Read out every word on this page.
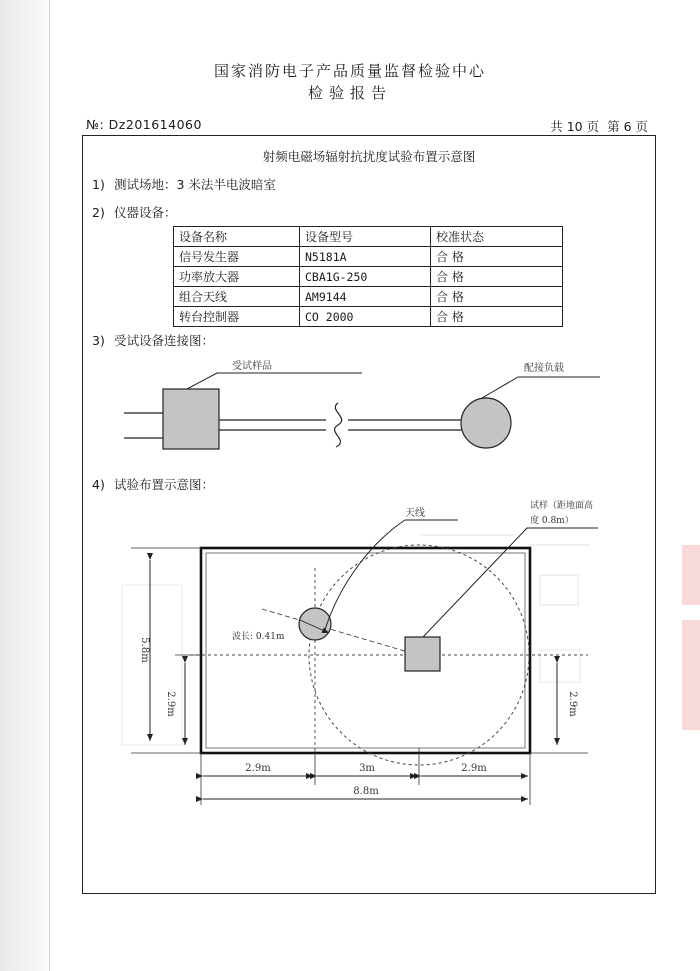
国家消防电子产品质量监督检验中心
检验报告
№: Dz201614060	共 10 页 第 6 页
射频电磁场辐射抗扰度试验布置示意图
1) 测试场地：3 米法半电波暗室
2) 仪器设备：
3) 受试设备连接图：
4) 试验布置示意图：
设备名称	设备型号	校准状态
信号发生器	N5181A	合 格
功率放大器	CBA1G-250	合 格
组合天线	AM9144	合 格
转台控制器	CO 2000	合 格
受试样品	配接负载
天线
波长: 0.41m
试样（距地面高
度 0.8m）
5.8m
2.9m	2.9m
2.9m	3m	2.9m
8.8m
